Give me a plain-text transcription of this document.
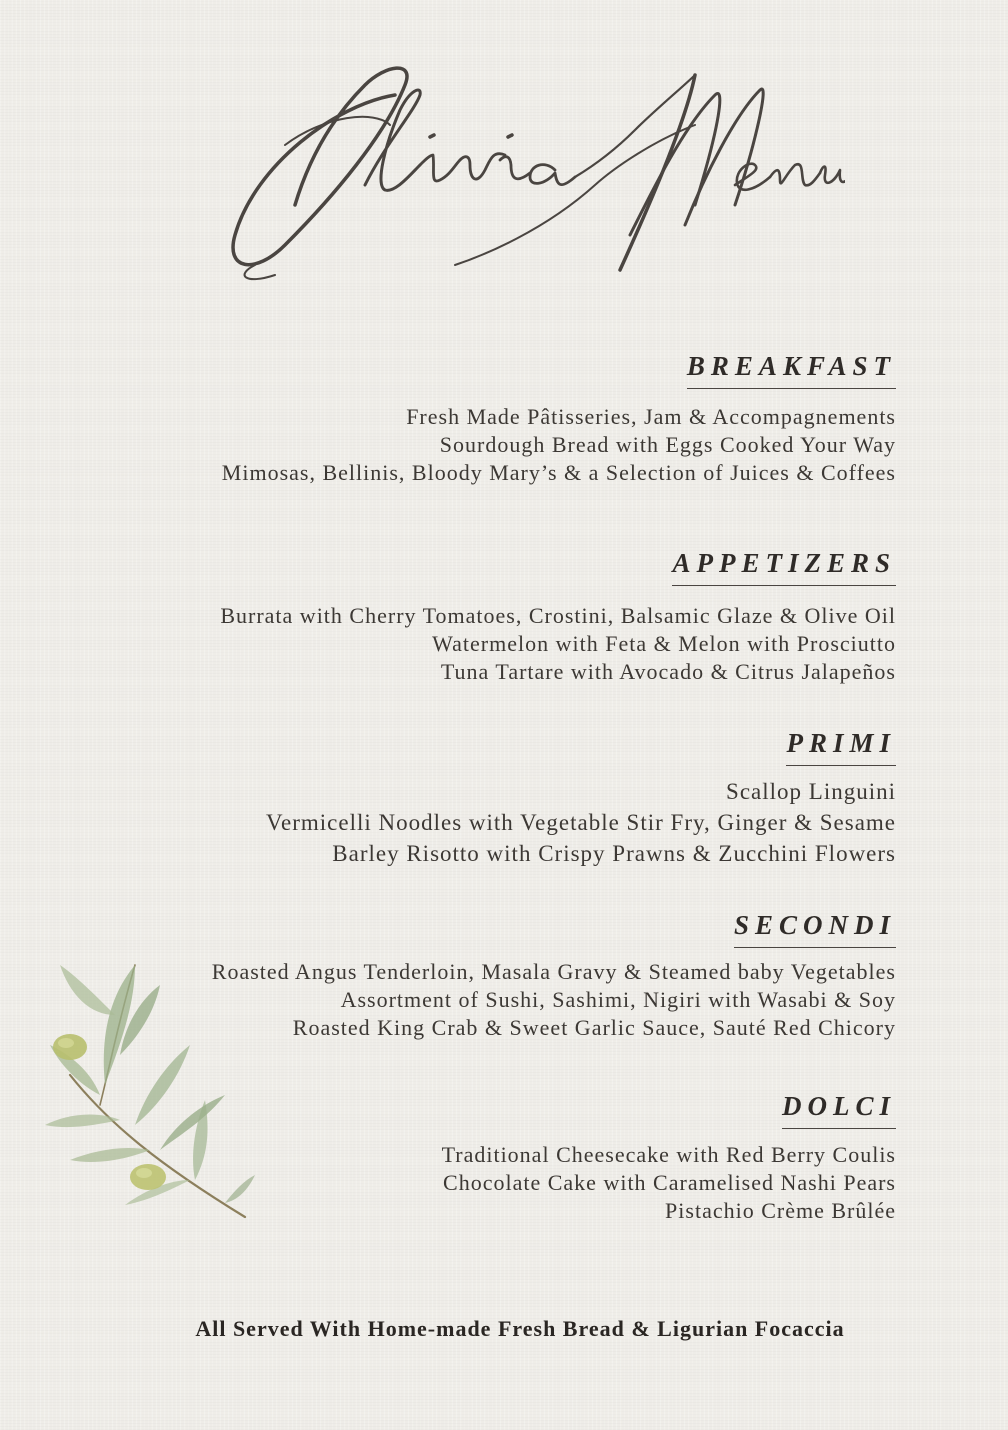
BREAKFAST
Fresh Made Pâtisseries, Jam & Accompagnements
Sourdough Bread with Eggs Cooked Your Way
Mimosas, Bellinis, Bloody Mary’s & a Selection of Juices & Coffees
APPETIZERS
Burrata with Cherry Tomatoes, Crostini, Balsamic Glaze & Olive Oil
Watermelon with Feta & Melon with Prosciutto
Tuna Tartare with Avocado & Citrus Jalapeños
PRIMI
Scallop Linguini
Vermicelli Noodles with Vegetable Stir Fry, Ginger & Sesame
Barley Risotto with Crispy Prawns & Zucchini Flowers
SECONDI
Roasted Angus Tenderloin, Masala Gravy & Steamed baby Vegetables
Assortment of Sushi, Sashimi, Nigiri with Wasabi & Soy
Roasted King Crab & Sweet Garlic Sauce, Sauté Red Chicory
DOLCI
Traditional Cheesecake with Red Berry Coulis
Chocolate Cake with Caramelised Nashi Pears
Pistachio Crème Brûlée
All Served With Home-made Fresh Bread & Ligurian Focaccia
